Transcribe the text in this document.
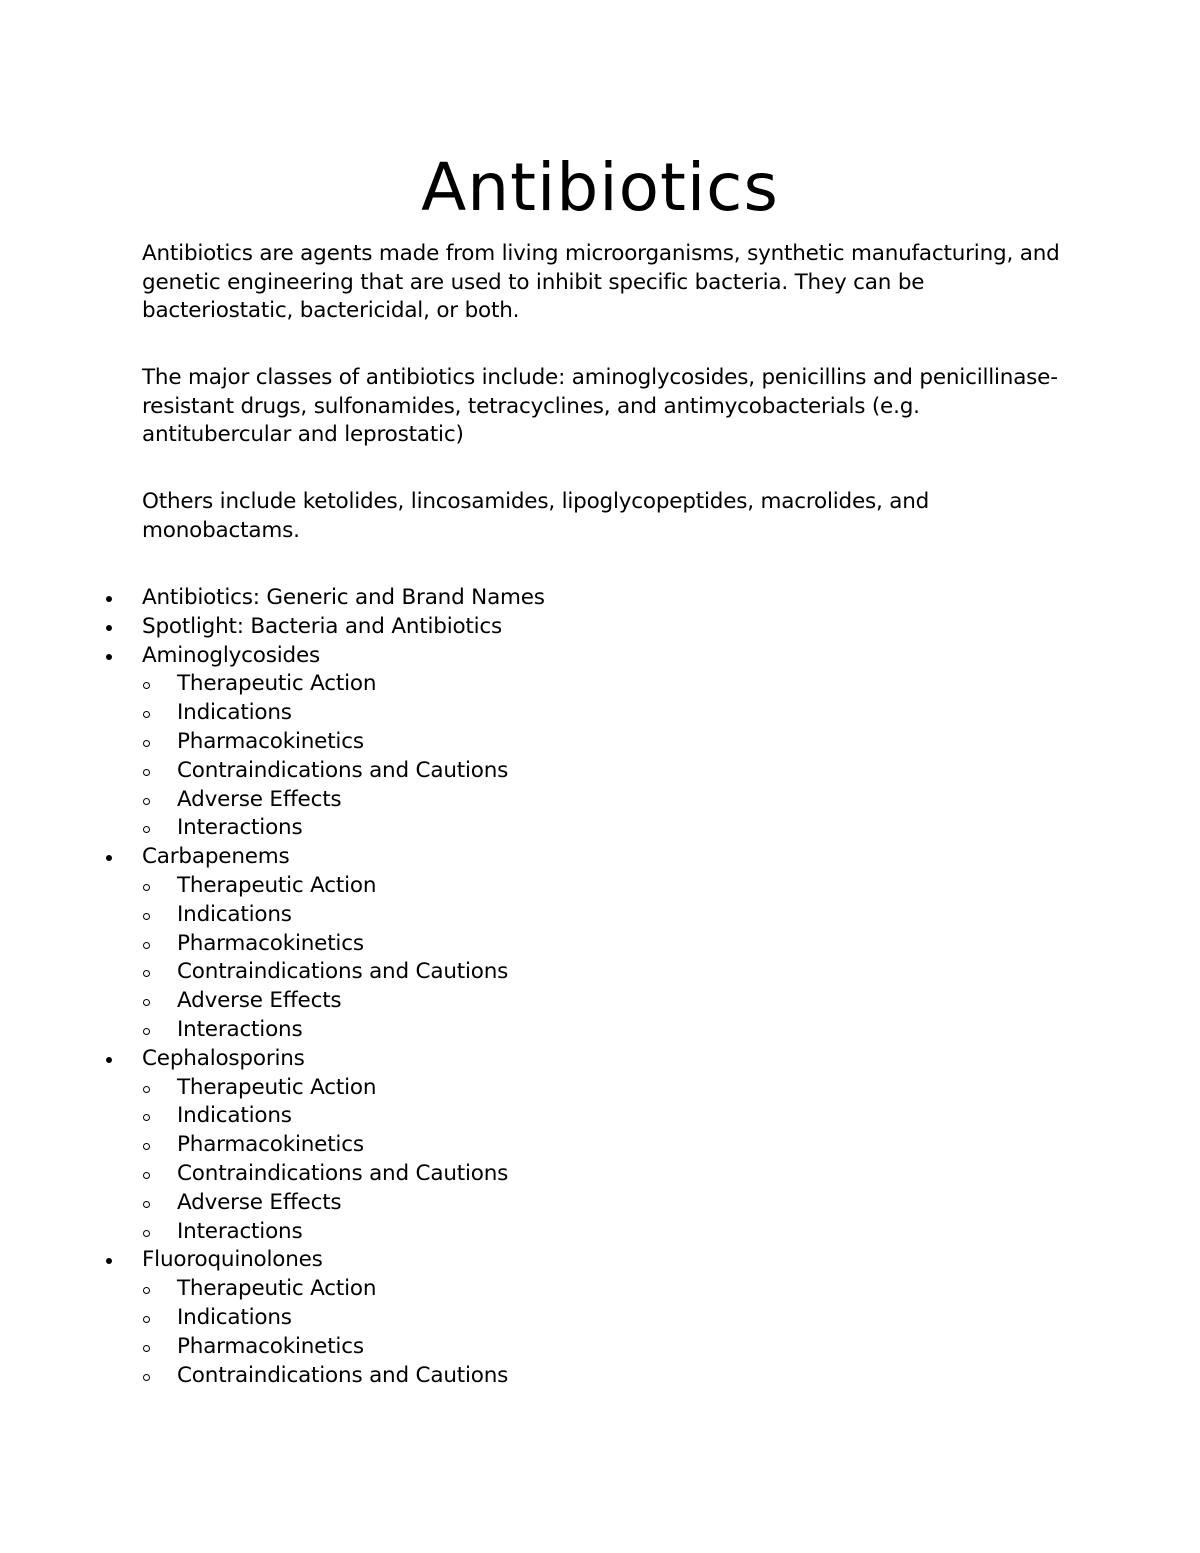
Antibiotics

Antibiotics are agents made from living microorganisms, synthetic manufacturing, and genetic engineering that are used to inhibit specific bacteria. They can be bacteriostatic, bactericidal, or both.

The major classes of antibiotics include: aminoglycosides, penicillins and penicillinase-resistant drugs, sulfonamides, tetracyclines, and antimycobacterials (e.g. antitubercular and leprostatic)

Others include ketolides, lincosamides, lipoglycopeptides, macrolides, and monobactams.

Antibiotics: Generic and Brand Names
Spotlight: Bacteria and Antibiotics
Aminoglycosides
Therapeutic Action
Indications
Pharmacokinetics
Contraindications and Cautions
Adverse Effects
Interactions
Carbapenems
Therapeutic Action
Indications
Pharmacokinetics
Contraindications and Cautions
Adverse Effects
Interactions
Cephalosporins
Therapeutic Action
Indications
Pharmacokinetics
Contraindications and Cautions
Adverse Effects
Interactions
Fluoroquinolones
Therapeutic Action
Indications
Pharmacokinetics
Contraindications and Cautions
